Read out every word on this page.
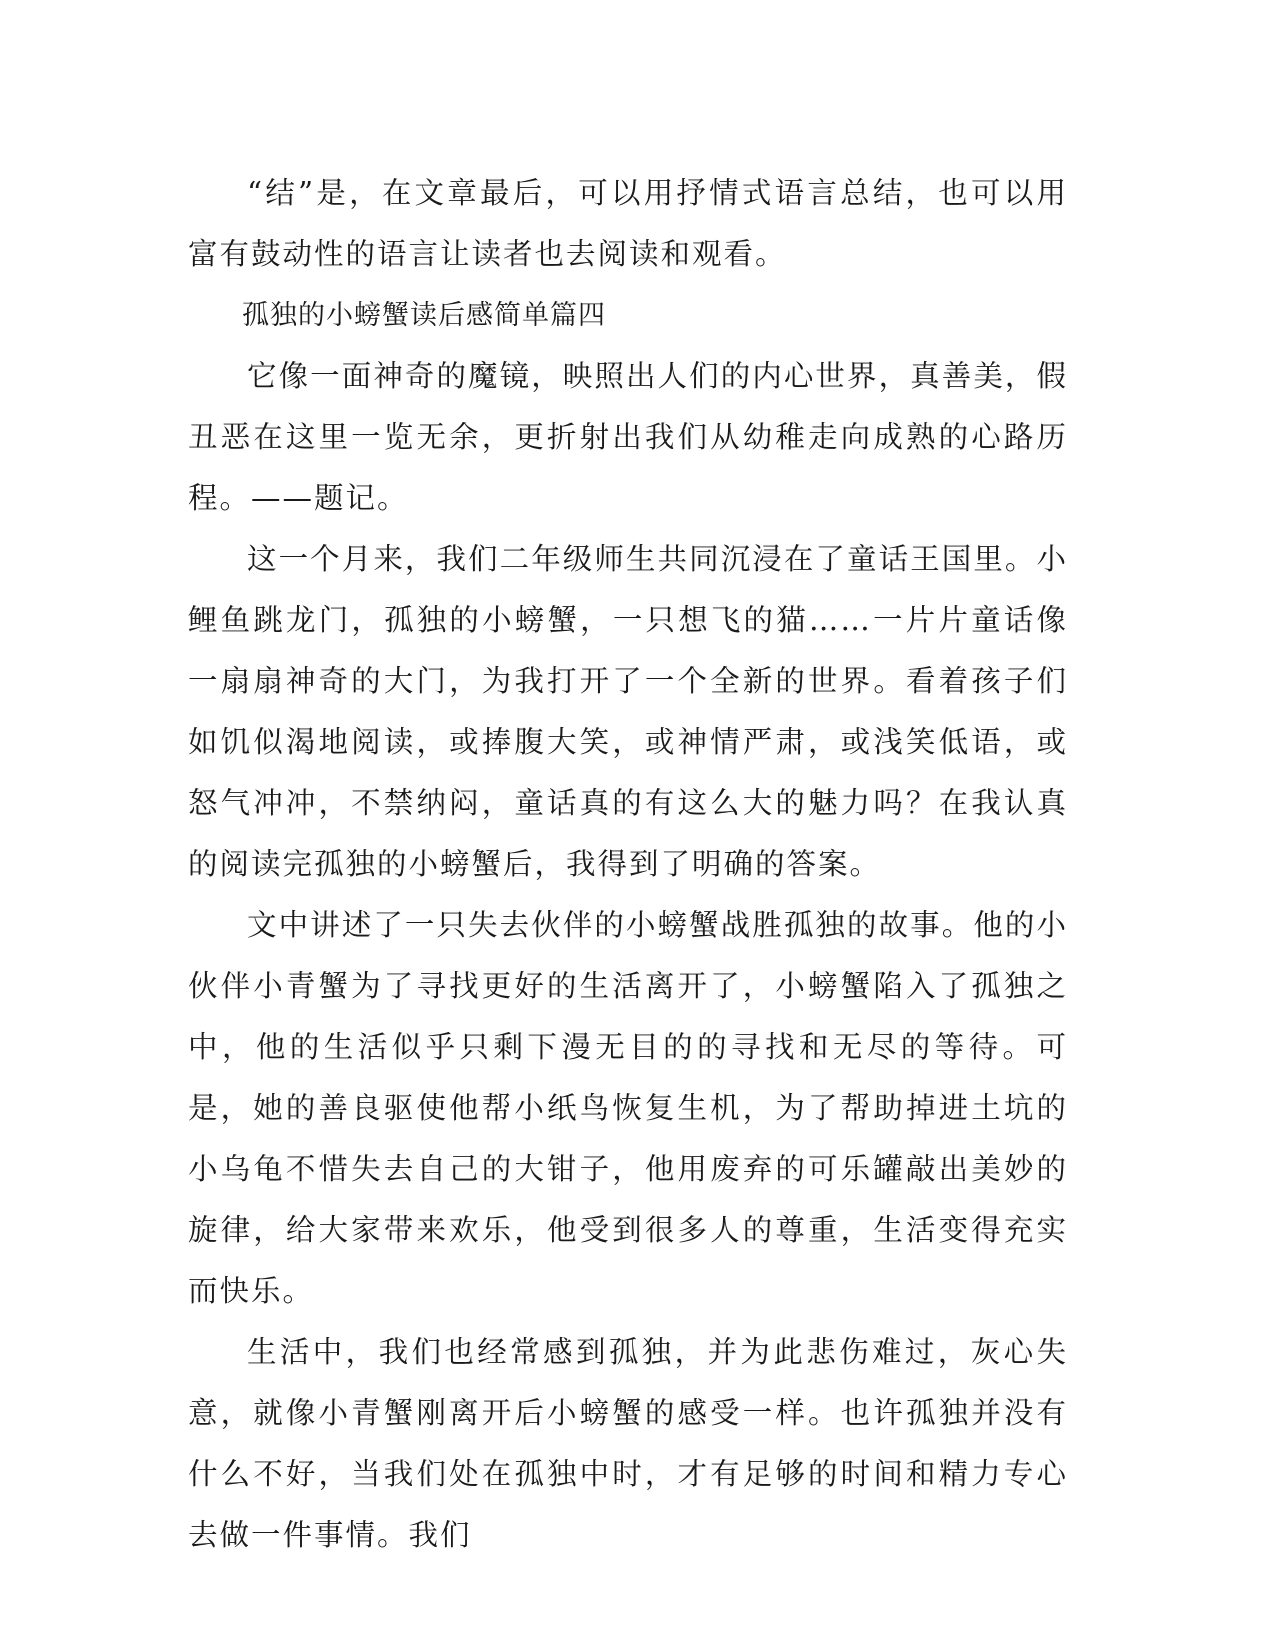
“结”是，在文章最后，可以用抒情式语言总结，也可以用富有鼓动性的语言让读者也去阅读和观看。

孤独的小螃蟹读后感简单篇四

它像一面神奇的魔镜，映照出人们的内心世界，真善美，假丑恶在这里一览无余，更折射出我们从幼稚走向成熟的心路历程。——题记。

这一个月来，我们二年级师生共同沉浸在了童话王国里。小鲤鱼跳龙门，孤独的小螃蟹，一只想飞的猫……一片片童话像一扇扇神奇的大门，为我打开了一个全新的世界。看着孩子们如饥似渴地阅读，或捧腹大笑，或神情严肃，或浅笑低语，或怒气冲冲，不禁纳闷，童话真的有这么大的魅力吗？在我认真的阅读完孤独的小螃蟹后，我得到了明确的答案。

文中讲述了一只失去伙伴的小螃蟹战胜孤独的故事。他的小伙伴小青蟹为了寻找更好的生活离开了，小螃蟹陷入了孤独之中，他的生活似乎只剩下漫无目的的寻找和无尽的等待。可是，她的善良驱使他帮小纸鸟恢复生机，为了帮助掉进土坑的小乌龟不惜失去自己的大钳子，他用废弃的可乐罐敲出美妙的旋律，给大家带来欢乐，他受到很多人的尊重，生活变得充实而快乐。

生活中，我们也经常感到孤独，并为此悲伤难过，灰心失意，就像小青蟹刚离开后小螃蟹的感受一样。也许孤独并没有什么不好，当我们处在孤独中时，才有足够的时间和精力专心去做一件事情。我们
